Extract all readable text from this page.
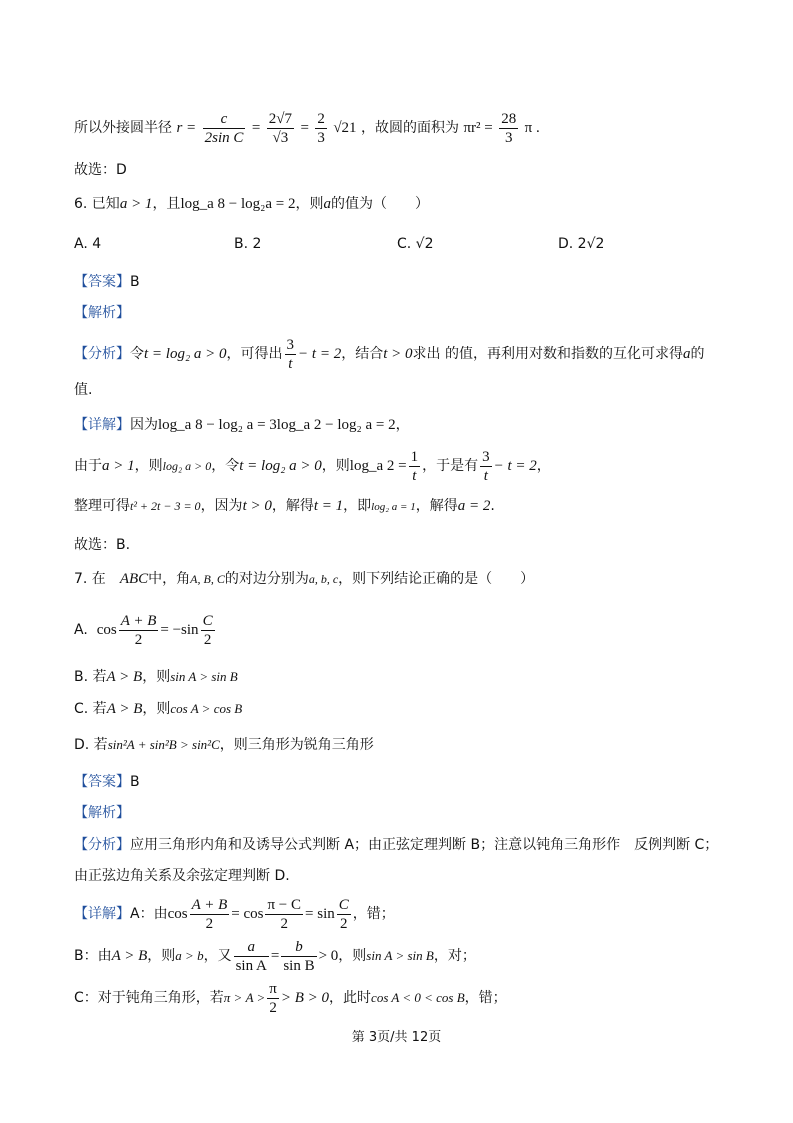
所以外接圆半径 $r = \frac{c}{\text{2sin C}} = \frac{2√7}{√3} = \frac{2}{3} √21$ ，故圆的面积为 $\pi r^2 = \frac{28}{3}$ π .
故选：D
6. 已知a > 1，且log_a 8 − log₂a = 2，则a的值为（　　）
A. 4	B. 2	C. √2	D. 2√2
【答案】B
【解析】
【分析】令t = log₂ a > 0，可得出 $\frac{3}{t} - t = 2$，结合t > 0求出 的值，再利用对数和指数的互化可求得a的
值.
【详解】因为log_a 8 − log₂ a = 3log_a 2 − log₂ a = 2，
由于a > 1，则log₂ a > 0，令t = log₂ a > 0，则log_a $2 = \frac{1}{t}$ ，于是有 $\frac{3}{t} - t = 2$，
整理可得t² + 2t − 3 = 0，因为t > 0，解得t = 1，即log₂ a = 1，解得a = 2.
故选：B.
7. 在　ABC中，角A, B, C的对边分别为a, b, c，则下列结论正确的是（　　）
A. $\cos \frac{A + B}{2} = -\sin \frac{C}{2}$
B. 若A > B，则sin A > sin B
C. 若A > B，则cos A > cos B
D. 若sin²A + sin²B > sin²C，则三角形为锐角三角形
【答案】B
【解析】
【分析】应用三角形内角和及诱导公式判断 A；由正弦定理判断 B；注意以钝角三角形作　反例判断 C；
由正弦边角关系及余弦定理判断 D.
【详解】A：由$\cos \frac{A + B}{2} = \cos \frac{\pi - C}{2} = \sin \frac{C}{2}$ ，错；
B：由A > B，则a > b，又 $\frac{a}{\text{sin A}} = \frac{b}{\text{sin B}} > 0$，则sin A > sin B，对；
C：对于钝角三角形，若$\pi > A > \frac{\pi}{2} > B > 0$，此时cos A < 0 < cos B，错；
第 3页/共 12页
